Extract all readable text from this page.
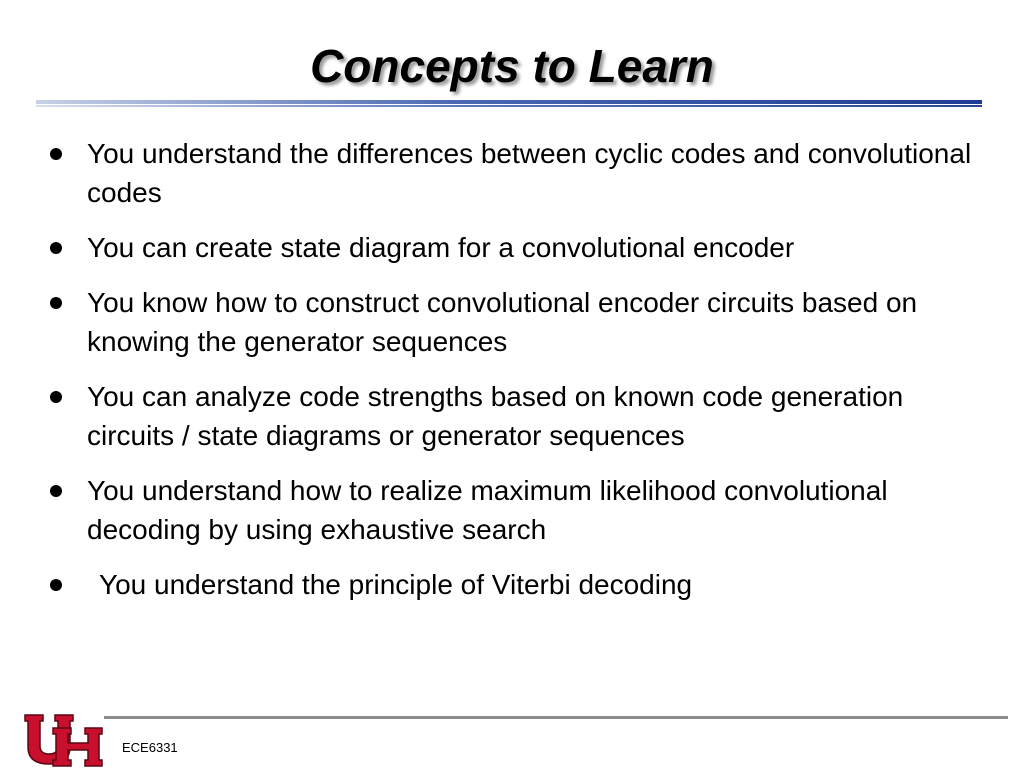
Concepts to Learn
You understand the differences between cyclic codes and convolutional codes
You can create state diagram for a convolutional encoder
You know how to construct convolutional encoder circuits based on knowing the generator sequences
You can analyze code strengths based on known code generation circuits / state diagrams or generator sequences
You understand how to realize maximum likelihood convolutional decoding by using exhaustive search
You understand the principle of Viterbi decoding
ECE6331
